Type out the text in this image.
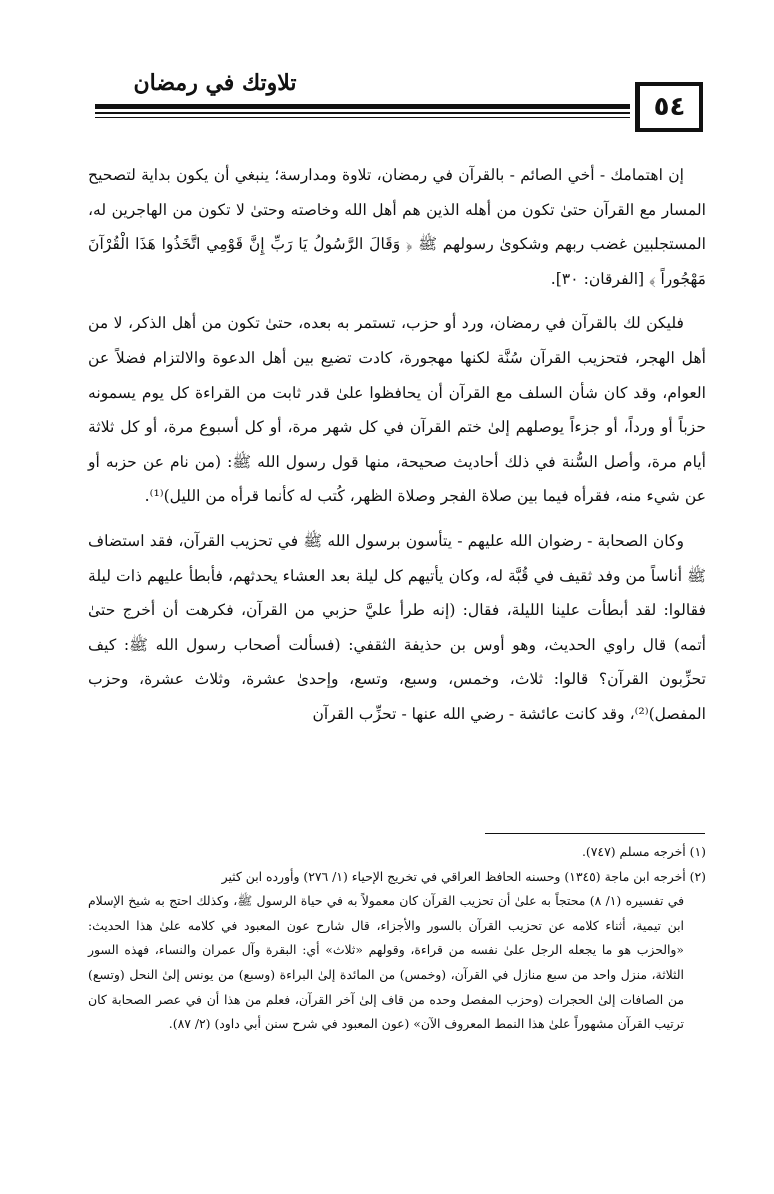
تلاوتك في رمضان
٥٤

إن اهتمامك - أخي الصائم - بالقرآن في رمضان، تلاوة ومدارسة؛ ينبغي أن يكون بداية لتصحيح المسار مع القرآن حتىٰ تكون من أهله الذين هم أهل الله وخاصته وحتىٰ لا تكون من الهاجرين له، المستجلبين غضب ربهم وشكوىٰ رسولهم ﷺ ﴿ وَقَالَ الرَّسُولُ يَا رَبِّ إِنَّ قَوْمِي اتَّخَذُوا هَذَا الْقُرْآنَ مَهْجُوراً ﴾ [الفرقان: ٣٠].

فليكن لك بالقرآن في رمضان، ورد أو حزب، تستمر به بعده، حتىٰ تكون من أهل الذكر، لا من أهل الهجر، فتحزيب القرآن سُنَّة لكنها مهجورة، كادت تضيع بين أهل الدعوة والالتزام فضلاً عن العوام، وقد كان شأن السلف مع القرآن أن يحافظوا علىٰ قدر ثابت من القراءة كل يوم يسمونه حزباً أو ورداً، أو جزءاً يوصلهم إلىٰ ختم القرآن في كل شهر مرة، أو كل أسبوع مرة، أو كل ثلاثة أيام مرة، وأصل السُّنة في ذلك أحاديث صحيحة، منها قول رسول الله ﷺ: (من نام عن حزبه أو عن شيء منه، فقرأه فيما بين صلاة الفجر وصلاة الظهر، كُتب له كأنما قرأه من الليل)⁽¹⁾.

وكان الصحابة - رضوان الله عليهم - يتأسون برسول الله ﷺ في تحزيب القرآن، فقد استضاف ﷺ أناساً من وفد ثقيف في قُبَّة له، وكان يأتيهم كل ليلة بعد العشاء يحدثهم، فأبطأ عليهم ذات ليلة فقالوا: لقد أبطأت علينا الليلة، فقال: (إنه طرأ عليَّ حزبي من القرآن، فكرهت أن أخرج حتىٰ أتمه) قال راوي الحديث، وهو أوس بن حذيفة الثقفي: (فسألت أصحاب رسول الله ﷺ: كيف تحزِّبون القرآن؟ قالوا: ثلاث، وخمس، وسبع، وتسع، وإحدىٰ عشرة، وثلاث عشرة، وحزب المفصل)⁽²⁾، وقد كانت عائشة - رضي الله عنها - تحزِّب القرآن

(١) أخرجه مسلم (٧٤٧).

(٢) أخرجه ابن ماجة (١٣٤٥) وحسنه الحافظ العراقي في تخريج الإحياء (١/ ٢٧٦) وأورده ابن كثير

في تفسيره (١/ ٨) محتجاً به علىٰ أن تحزيب القرآن كان معمولاً به في حياة الرسول ﷺ، وكذلك احتج به شيخ الإسلام ابن تيمية، أثناء كلامه عن تحزيب القرآن بالسور والأجزاء، قال شارح عون المعبود في كلامه علىٰ هذا الحديث: «والحزب هو ما يجعله الرجل علىٰ نفسه من قراءة، وقولهم «ثلاث» أي: البقرة وآل عمران والنساء، فهذه السور الثلاثة، منزل واحد من سبع منازل في القرآن، (وخمس) من المائدة إلىٰ البراءة (وسبع) من يونس إلىٰ النحل (وتسع) من الصافات إلىٰ الحجرات (وحزب المفصل وحده من قاف إلىٰ آخر القرآن، فعلم من هذا أن في عصر الصحابة كان ترتيب القرآن مشهوراً علىٰ هذا النمط المعروف الآن» (عون المعبود في شرح سنن أبي داود) (٢/ ٨٧).
